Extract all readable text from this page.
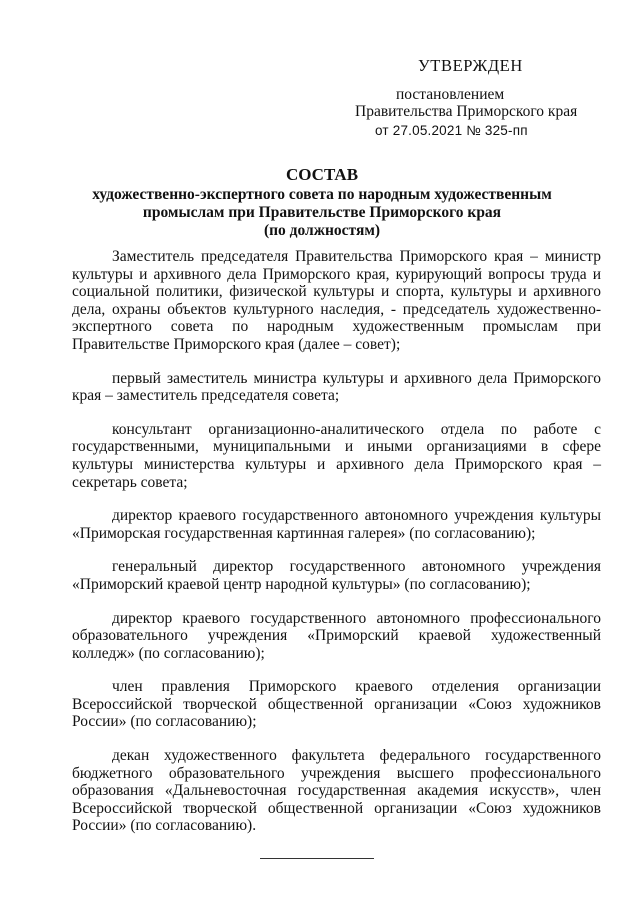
УТВЕРЖДЕН
постановлением
Правительства Приморского края
от 27.05.2021 № 325-пп
СОСТАВ
художественно-экспертного совета по народным художественным
промыслам при Правительстве Приморского края
(по должностям)

Заместитель председателя Правительства Приморского края – министр культуры и архивного дела Приморского края, курирующий вопросы труда и социальной политики, физической культуры и спорта, культуры и архивного дела, охраны объектов культурного наследия, - председатель художественно-экспертного совета по народным художественным промыслам при Правительстве Приморского края (далее – совет);

первый заместитель министра культуры и архивного дела Приморского края – заместитель председателя совета;

консультант организационно-аналитического отдела по работе с государственными, муниципальными и иными организациями в сфере культуры министерства культуры и архивного дела Приморского края – секретарь совета;

директор краевого государственного автономного учреждения культуры «Приморская государственная картинная галерея» (по согласованию);

генеральный директор государственного автономного учреждения «Приморский краевой центр народной культуры» (по согласованию);

директор краевого государственного автономного профессионального образовательного учреждения «Приморский краевой художественный колледж» (по согласованию);

член правления Приморского краевого отделения организации Всероссийской творческой общественной организации «Союз художников России» (по согласованию);

декан художественного факультета федерального государственного бюджетного образовательного учреждения высшего профессионального образования «Дальневосточная государственная академия искусств», член Всероссийской творческой общественной организации «Союз художников России» (по согласованию).
